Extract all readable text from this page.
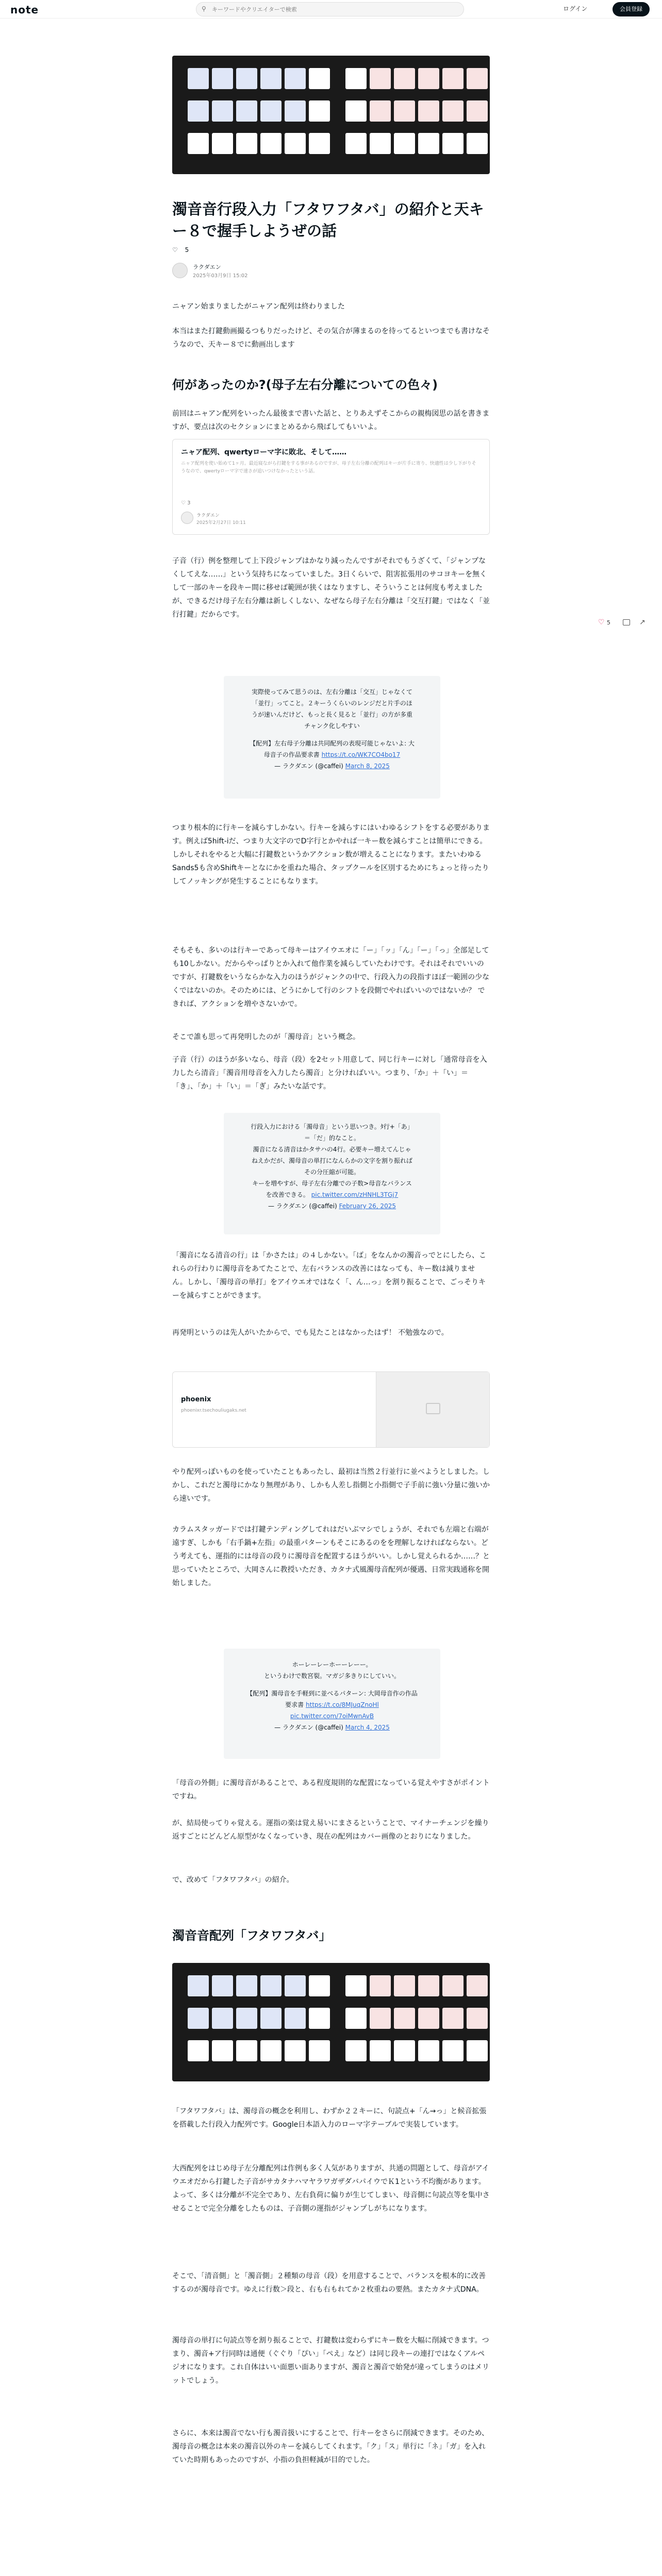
note	⚲
キーワードやクリエイターで検索	ログイン	会員登録
濁音音行段入力「フタワフタバ」の紹介と天キー８で握手しようぜの話
♡ 5
ラクダエン
2025年03月9日 15:02
ニャアン始まりましたがニャアン配列は終わりました
本当はまた打鍵動画撮るつもりだったけど、その気合が薄まるのを待ってるといつまでも書けなそうなので、天キー８でに動画出します
何があったのか?(母子左右分離についての色々)
前回はニャアン配列をいったん最後まで書いた話と、とりあえずそこからの親梅図思の話を書きますが、要点は次のセクションにまとめるから飛ばしてもいいよ。
ニャア配列、qwertyローマ字に敗北、そして……
ニャア配列を使い始めて1ヶ月。最近寝ながら打鍵をする事があるのですが、母子左右分離の配列はキーが片手に寄り、快適性は少し下がりそうなので、qwertyローマ字で速さが追いつけなかったという話。
ラクダエン
2025年2月27日 10:11
♡ 3
子音（行）例を整理して上下段ジャンプはかなり減ったんですがそれでもうざくて、「ジャンプなくしてえな……」という気持ちになっていました。3日くらいで、阻害拡張用のサコヨキーを無くして一部のキーを段キー間に移せば範囲が狭くはなりますし、そういうことは何度も考えましたが、できるだけ母子左右分離は新しくしない、なぜなら母子左右分離は「交互打鍵」ではなく「並行打鍵」だからです。
実際使ってみて思うのは、左右分離は「交互」じゃなくて
「並行」ってこと。２キーうくらいのレンジだと片手のほ
うが速いんだけど、もっと長く見ると「並行」の方が多重
チャンク化しやすい
【配列】左右母子分離は共同配列の表現可能じゃないよ: 大
母音子の作品要求書 https://t.co/WK7CO4bo17
— ラクダエン (@caffei) March 8, 2025
つまり根本的に行キーを減らすしかない。行キーを減らすにはいわゆるシフトをする必要があります。例えば5hift-iだ、つまり大文字のでD字行とかやれば一キー数を減らすことは簡単にできる。しかしそれをやると大幅に打鍵数というかアクション数が増えることになります。またいわゆるSands5も含めShiftキーとなにかを重ねた場合、タップクールを区別するためにちょっと待ったりしてノッキングが発生することにもなります。
そもそも、多いのは行キーであって母キーはアイウエオに「ー」「ッ」「ん」「ー」「っ」全部足しても10しかない。だからやっぱりとか入れて他作業を減らしていたわけです。それはそれでいいのですが、打鍵数をいうならかな入力のほうがジャンクの中で、行段入力の段指すほぼ一範囲の少なくではないのか。そのためには、どうにかして行のシフトを段側でやればいいのではないか？ できれば、アクションを増やさないかで。
そこで誰も思って再発明したのが「濁母音」という概念。
子音（行）のほうが多いなら、母音（段）を2セット用意して、同じ行キーに対し「通常母音を入力したら清音」「濁音用母音を入力したら濁音」と分ければいい。つまり、「か」＋「い」＝「き」、「か」＋「い」＝「ぎ」みたいな話です。
行段入力における「濁母音」という思いつき。ﾀ行+「あ」
＝「だ」的なこと。
濁音になる清音はかタサハの4行。必要キー増えてんじゃ
ねえかだが、濁母音の単打になんらかの文字を割り振れば
その分圧縮が可能。
キーを増やすが、母子左右分離での子数>母音なバランス
を改善できる。 pic.twitter.com/zHNHL3TGj7
— ラクダエン (@caffei) February 26, 2025
「濁音になる清音の行」は「かさたは」の４しかない。「ば」をなんかの濁音っでとにしたら、これらの行わりに濁母音をあてたことで、左右バランスの改善にはなっても、キー数は減りません。しかし、「濁母音の単打」をアイウエオではなく「、ん…っ」を割り振ることで、ごっそりキーを減らすことができます。
再発明というのは先人がいたからで、でも見たことはなかったはず！ 不勉強なので。
phoenix
phoenixr.tsechouliugaks.net
やり配列っぽいものを使っていたこともあったし、最初は当然２行並行に並べようとしました。しかし、これだと濁母にかなり無理があり、しかも人差し指側と小指側で子手前に強い分量に強いから速いです。
カラムスタッガードでは打鍵テンディングしてれはだいぶマシでしょうが、それでも左端と右端が遠すぎ、しかも「右手鍋+左指」の最重パターンもそこにあるのをを理解しなければならない。どう考えても、運指的には母音の段りに濁母音を配置するほうがいい。しかし覚えられるか……？と思っていたところで、大岡さんに教授いただき、カタナ式風濁母音配列が優遇、日常実践通称を開始しました。
ホーレーレーホーーレーー。
というわけで数宮裂。マガジ多きりにしていい。
【配列】濁母音を手軽到に並べるパターン: 大岡母音作の作品
要求書 https://t.co/8MJuqZnoHl
pic.twitter.com/7oiMwnAvB
— ラクダエン (@caffei) March 4, 2025
「母音の外側」に濁母音があることで、ある程度規則的な配置になっている覚えやすさがポイントですね。
が、結局使ってりゃ覚える。運指の楽は覚え易いにまさるということで、マイナーチェンジを繰り返すごとにどんどん原型がなくなっていき、現在の配列はカバー画像のとおりになりました。
で、改めて「フタワフタバ」の紹介。
濁音音配列「フタワフタバ」
「フタワフタバ」は、濁母音の概念を利用し、わずか２２キーに、句読点+「ん→っ」と候音拡張を搭載した行段入力配列です。Google日本語入力のローマ字テーブルで実装しています。
大西配列をはじめ母子左分離配列は作例も多く人気がありますが、共通の問題として、母音がアイウエオだから打鍵した子音がサカタナハマヤラワガザダバパイウでＫ1という不均衡があります。よって、多くは分離が不完全であり、左右負荷に偏りが生じてしまい、母音側に句読点等を集中させることで完全分離をしたものは、子音側の運指がジャンプしがちになります。
そこで、「清音側」と「濁音側」２種類の母音（段）を用意することで、バランスを根本的に改善するのが濁母音です。ゆえに行数＞段と、右も右もれてか２枚重ねの要熱。またカタナ式DNA。
濁母音の単打に句読点等を割り振ることで、打鍵数は変わらずにキー数を大幅に削減できます。つまり、濁音+ア行同時は通便（ぐぐり「ぴい」「ぺえ」など）は同じ段キーの連打ではなくアルペジオになります。これ自体はいい面悪い面ありますが、濁音と濁音で始発が違ってしまうのはメリットでしょう。
さらに、本来は濁音でない行も濁音扱いにすることで、行キーをさらに削減できます。そのため、濁母音の概念は本来の濁音以外のキーを減らしてくれます。「ク」「ス」単行に「ネ」「ガ」を入れていた時期もあったのですが、小指の負担軽減が目的でした。
♡ 5	↗
